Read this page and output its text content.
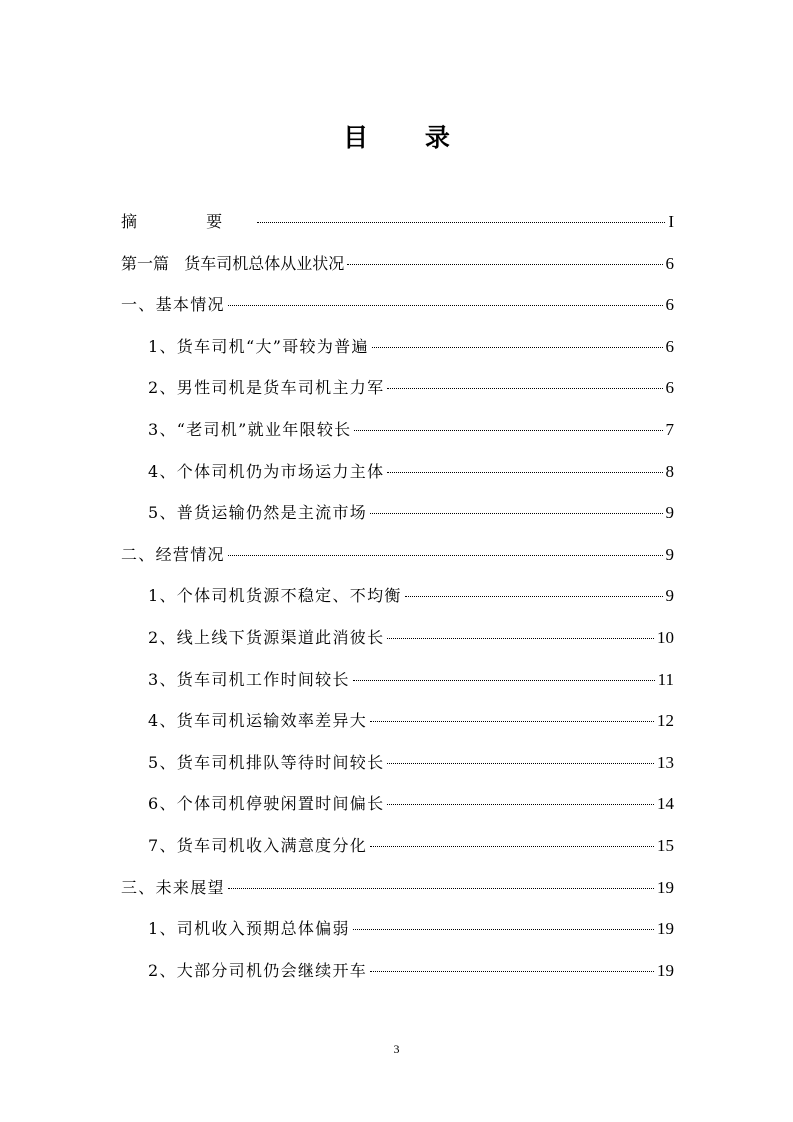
目 录
摘 要	I
第一篇   货车司机总体从业状况	6
一、基本情况	6
1、货车司机“大”哥较为普遍	6
2、男性司机是货车司机主力军	6
3、“老司机”就业年限较长	7
4、个体司机仍为市场运力主体	8
5、普货运输仍然是主流市场	9
二、经营情况	9
1、个体司机货源不稳定、不均衡	9
2、线上线下货源渠道此消彼长	10
3、货车司机工作时间较长	11
4、货车司机运输效率差异大	12
5、货车司机排队等待时间较长	13
6、个体司机停驶闲置时间偏长	14
7、货车司机收入满意度分化	15
三、未来展望	19
1、司机收入预期总体偏弱	19
2、大部分司机仍会继续开车	19
3
